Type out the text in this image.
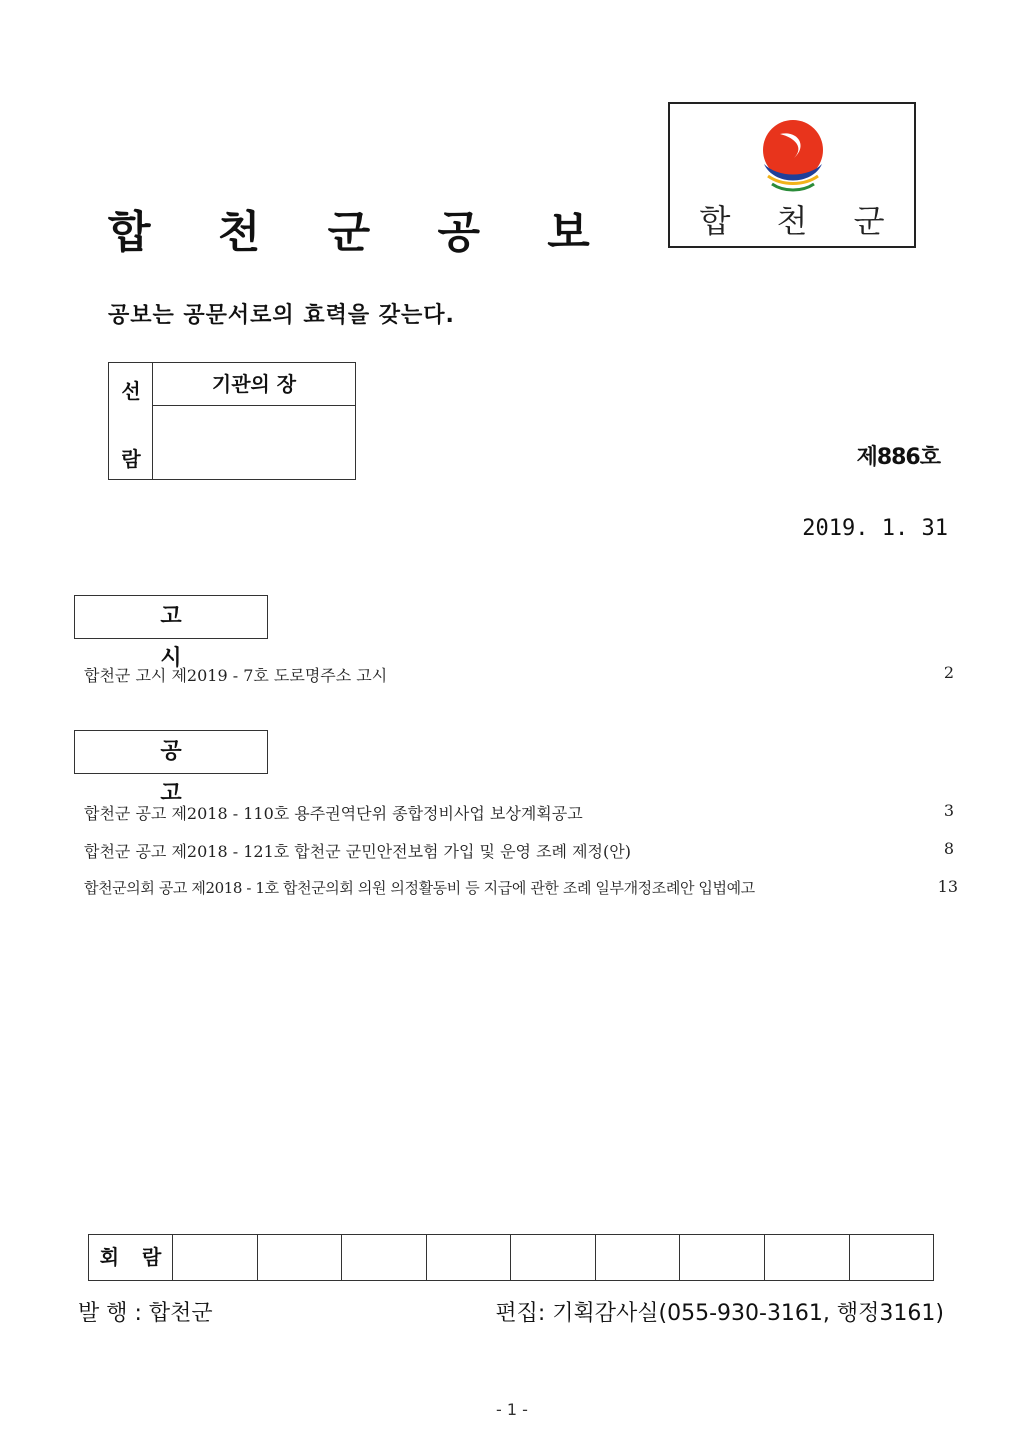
합 천 군 공 보	합 천 군
공보는 공문서로의 효력을 갖는다.
선
람
기관의 장
제886호
2019. 1. 31
고 시
합천군 고시 제2019 - 7호 도로명주소 고시	2
공 고
합천군 공고 제2018 - 110호 용주권역단위 종합정비사업 보상계획공고	3
합천군 공고 제2018 - 121호 합천군 군민안전보험 가입 및 운영 조례 제정(안)	8
합천군의회 공고 제2018 - 1호 합천군의회 의원 의정활동비 등 지급에 관한 조례 일부개정조례안 입법예고	13
회 람
발 행 : 합천군	편집: 기획감사실(055-930-3161, 행정3161)
- 1 -
